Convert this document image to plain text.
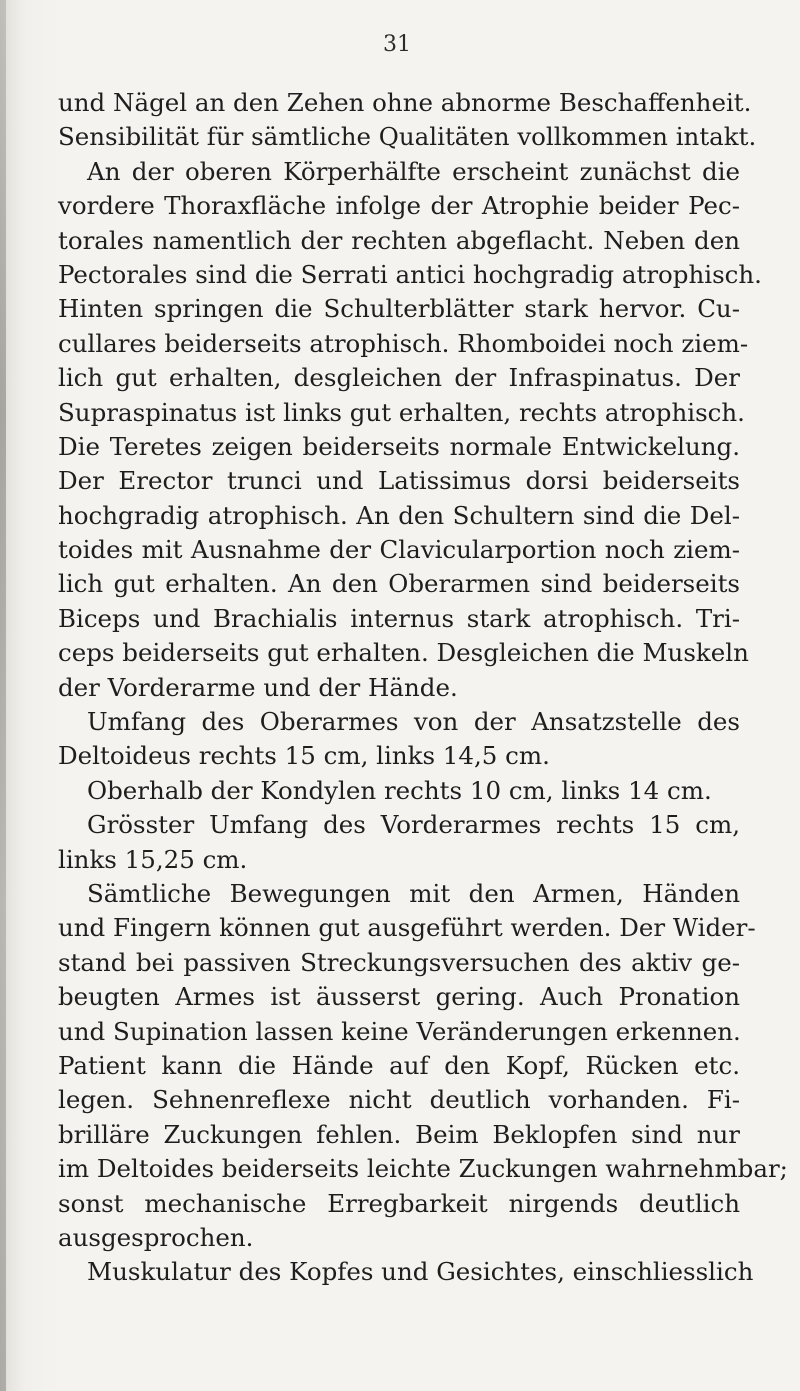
31
und Nägel an den Zehen ohne abnorme Beschaffenheit.
Sensibilität für sämtliche Qualitäten vollkommen intakt.
An der oberen Körperhälfte erscheint zunächst die
vordere Thoraxfläche infolge der Atrophie beider Pec-
torales namentlich der rechten abgeflacht. Neben den
Pectorales sind die Serrati antici hochgradig atrophisch.
Hinten springen die Schulterblätter stark hervor. Cu-
cullares beiderseits atrophisch. Rhomboidei noch ziem-
lich gut erhalten, desgleichen der Infraspinatus. Der
Supraspinatus ist links gut erhalten, rechts atrophisch.
Die Teretes zeigen beiderseits normale Entwickelung.
Der Erector trunci und Latissimus dorsi beiderseits
hochgradig atrophisch. An den Schultern sind die Del-
toides mit Ausnahme der Clavicularportion noch ziem-
lich gut erhalten. An den Oberarmen sind beiderseits
Biceps und Brachialis internus stark atrophisch. Tri-
ceps beiderseits gut erhalten. Desgleichen die Muskeln
der Vorderarme und der Hände.
Umfang des Oberarmes von der Ansatzstelle des
Deltoideus rechts 15 cm, links 14,5 cm.
Oberhalb der Kondylen rechts 10 cm, links 14 cm.
Grösster Umfang des Vorderarmes rechts 15 cm,
links 15,25 cm.
Sämtliche Bewegungen mit den Armen, Händen
und Fingern können gut ausgeführt werden. Der Wider-
stand bei passiven Streckungsversuchen des aktiv ge-
beugten Armes ist äusserst gering. Auch Pronation
und Supination lassen keine Veränderungen erkennen.
Patient kann die Hände auf den Kopf, Rücken etc.
legen. Sehnenreflexe nicht deutlich vorhanden. Fi-
brilläre Zuckungen fehlen. Beim Beklopfen sind nur
im Deltoides beiderseits leichte Zuckungen wahrnehmbar;
sonst mechanische Erregbarkeit nirgends deutlich
ausgesprochen.
Muskulatur des Kopfes und Gesichtes, einschliesslich
